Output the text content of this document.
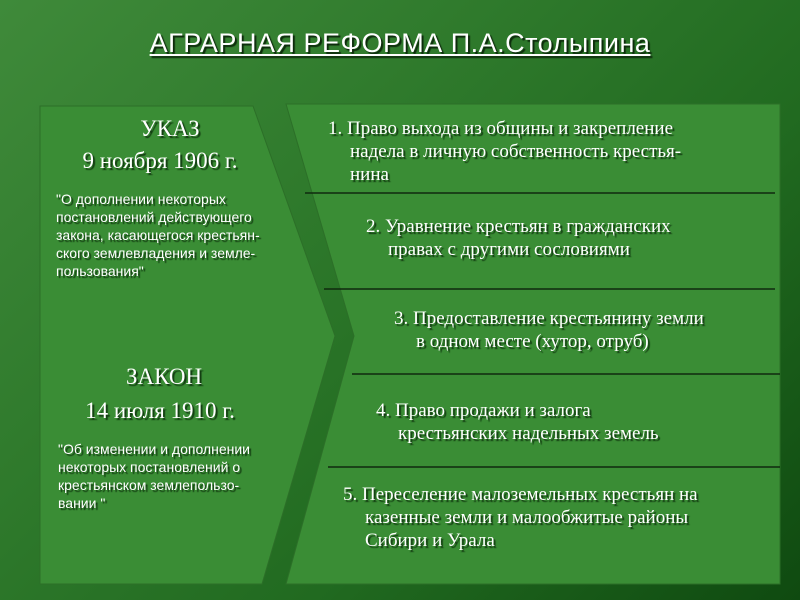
АГРАРНАЯ РЕФОРМА П.А.Столыпина
УКАЗ
9 ноября 1906 г.
"О дополнении некоторых
постановлений действующего
закона, касающегося крестьян-
ского землевладения и земле-
пользования"
ЗАКОН
14 июля 1910 г.
"Об изменении и дополнении
некоторых постановлений о
крестьянском землепользо-
вании "
1. Право выхода из общины и закрепление
надела в личную собственность крестья-
нина
2. Уравнение крестьян в гражданских
правах с другими сословиями
3. Предоставление крестьянину земли
в одном месте (хутор, отруб)
4. Право продажи и залога
крестьянских надельных земель
5. Переселение малоземельных крестьян на
казенные земли и малообжитые районы
Сибири и Урала
